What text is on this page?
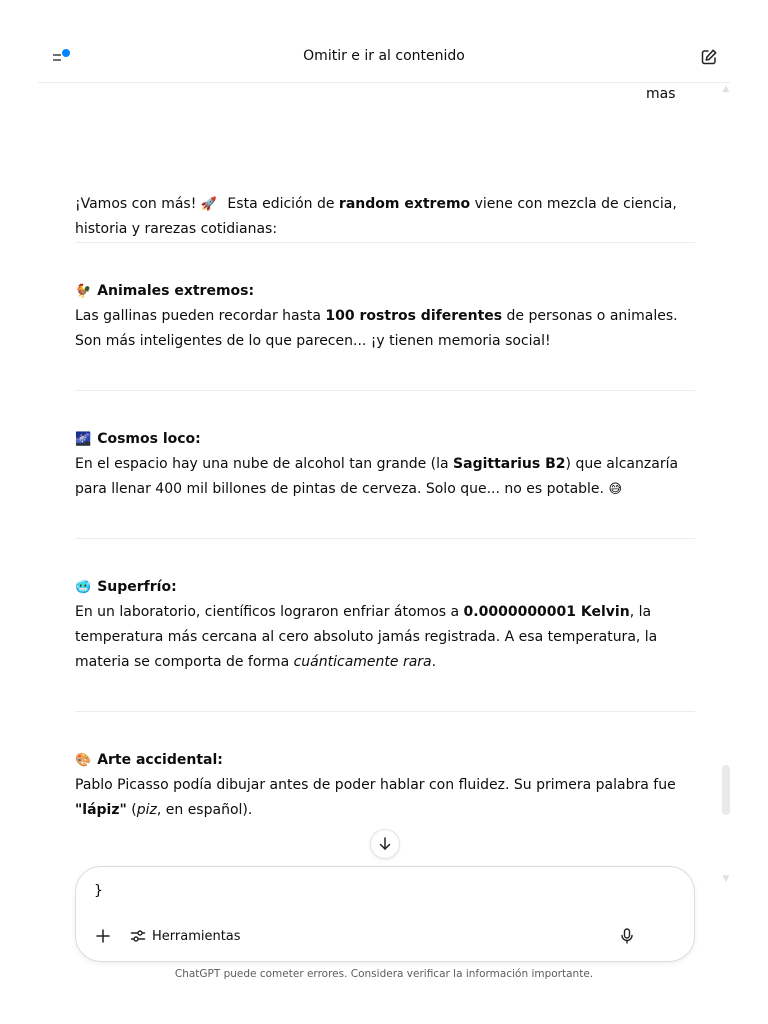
Omitir e ir al contenido
▲
▼
mas

¡Vamos con más! 🚀 Esta edición de random extremo viene con mezcla de ciencia, historia y rarezas cotidianas:

🐓 Animales extremos:

Las gallinas pueden recordar hasta 100 rostros diferentes de personas o animales. Son más inteligentes de lo que parecen... ¡y tienen memoria social!

🌌 Cosmos loco:

En el espacio hay una nube de alcohol tan grande (la Sagittarius B2) que alcanzaría para llenar 400 mil billones de pintas de cerveza. Solo que... no es potable. 😅

🥶 Superfrío:

En un laboratorio, científicos lograron enfriar átomos a 0.0000000001 Kelvin, la temperatura más cercana al cero absoluto jamás registrada. A esa temperatura, la materia se comporta de forma cuánticamente rara.

🎨 Arte accidental:

Pablo Picasso podía dibujar antes de poder hablar con fluidez. Su primera palabra fue "lápiz" (piz, en español).

}
Herramientas
ChatGPT puede cometer errores. Considera verificar la información importante.
